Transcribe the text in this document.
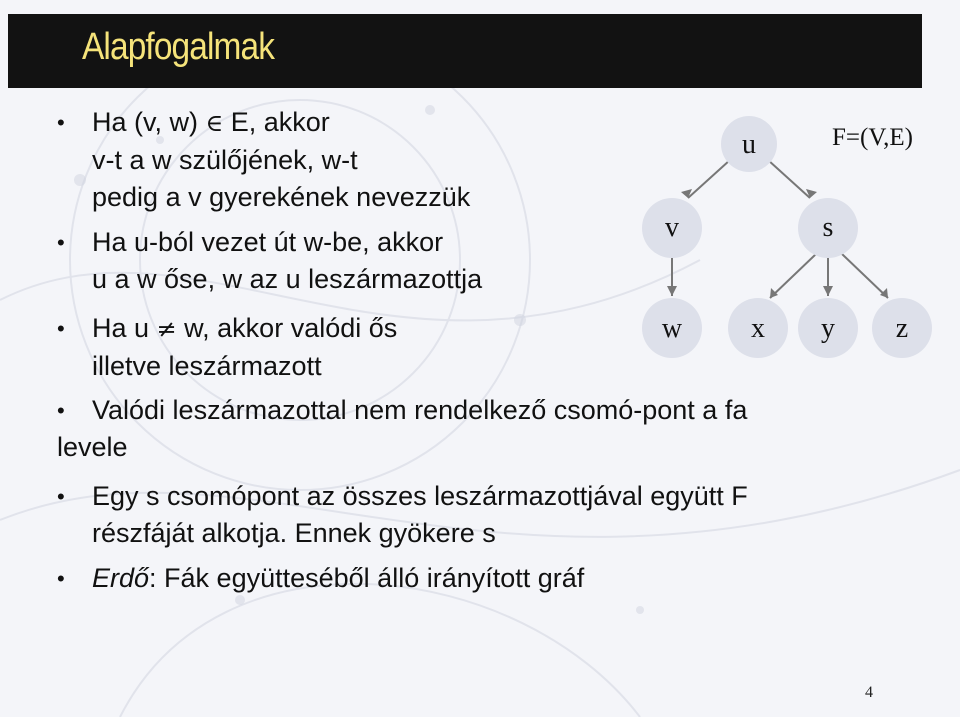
Alapfogalmak
• Ha (v, w) ∈ E, akkor
v-t a w szülőjének, w-t
pedig a v gyerekének nevezzük
• Ha u-ból vezet út w-be, akkor
u a w őse, w az u leszármazottja
• Ha u ≠ w, akkor valódi ős
illetve leszármazott
• Valódi leszármazottal nem rendelkező csomó-pont a fa
levele
• Egy s csomópont az összes leszármazottjával együtt F
részfáját alkotja. Ennek gyökere s
• Erdő: Fák együtteséből álló irányított gráf
u
v	s
w x y z
F=(V,E)
4
